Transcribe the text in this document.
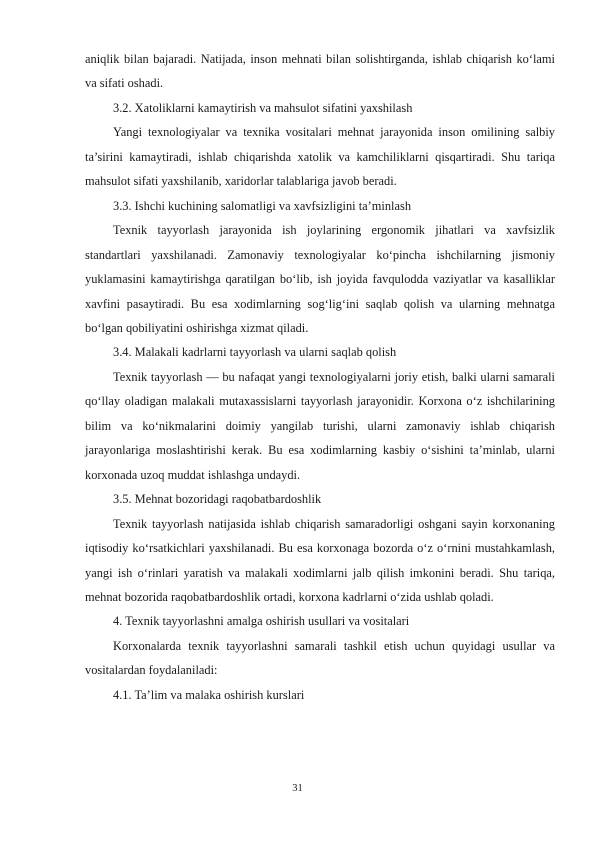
aniqlik bilan bajaradi. Natijada, inson mehnati bilan solishtirganda, ishlab chiqarish ko‘lami va sifati oshadi.

3.2. Xatoliklarni kamaytirish va mahsulot sifatini yaxshilash

Yangi texnologiyalar va texnika vositalari mehnat jarayonida inson omilining salbiy ta’sirini kamaytiradi, ishlab chiqarishda xatolik va kamchiliklarni qisqartiradi. Shu tariqa mahsulot sifati yaxshilanib, xaridorlar talablariga javob beradi.

3.3. Ishchi kuchining salomatligi va xavfsizligini ta’minlash

Texnik tayyorlash jarayonida ish joylarining ergonomik jihatlari va xavfsizlik standartlari yaxshilanadi. Zamonaviy texnologiyalar ko‘pincha ishchilarning jismoniy yuklamasini kamaytirishga qaratilgan bo‘lib, ish joyida favqulodda vaziyatlar va kasalliklar xavfini pasaytiradi. Bu esa xodimlarning sog‘lig‘ini saqlab qolish va ularning mehnatga bo‘lgan qobiliyatini oshirishga xizmat qiladi.

3.4. Malakali kadrlarni tayyorlash va ularni saqlab qolish

Texnik tayyorlash — bu nafaqat yangi texnologiyalarni joriy etish, balki ularni samarali qo‘llay oladigan malakali mutaxassislarni tayyorlash jarayonidir. Korxona o‘z ishchilarining bilim va ko‘nikmalarini doimiy yangilab turishi, ularni zamonaviy ishlab chiqarish jarayonlariga moslashtirishi kerak. Bu esa xodimlarning kasbiy o‘sishini ta’minlab, ularni korxonada uzoq muddat ishlashga undaydi.

3.5. Mehnat bozoridagi raqobatbardoshlik

Texnik tayyorlash natijasida ishlab chiqarish samaradorligi oshgani sayin korxonaning iqtisodiy ko‘rsatkichlari yaxshilanadi. Bu esa korxonaga bozorda o‘z o‘rnini mustahkamlash, yangi ish o‘rinlari yaratish va malakali xodimlarni jalb qilish imkonini beradi. Shu tariqa, mehnat bozorida raqobatbardoshlik ortadi, korxona kadrlarni o‘zida ushlab qoladi.

4. Texnik tayyorlashni amalga oshirish usullari va vositalari

Korxonalarda texnik tayyorlashni samarali tashkil etish uchun quyidagi usullar va vositalardan foydalaniladi:

4.1. Ta’lim va malaka oshirish kurslari

31
